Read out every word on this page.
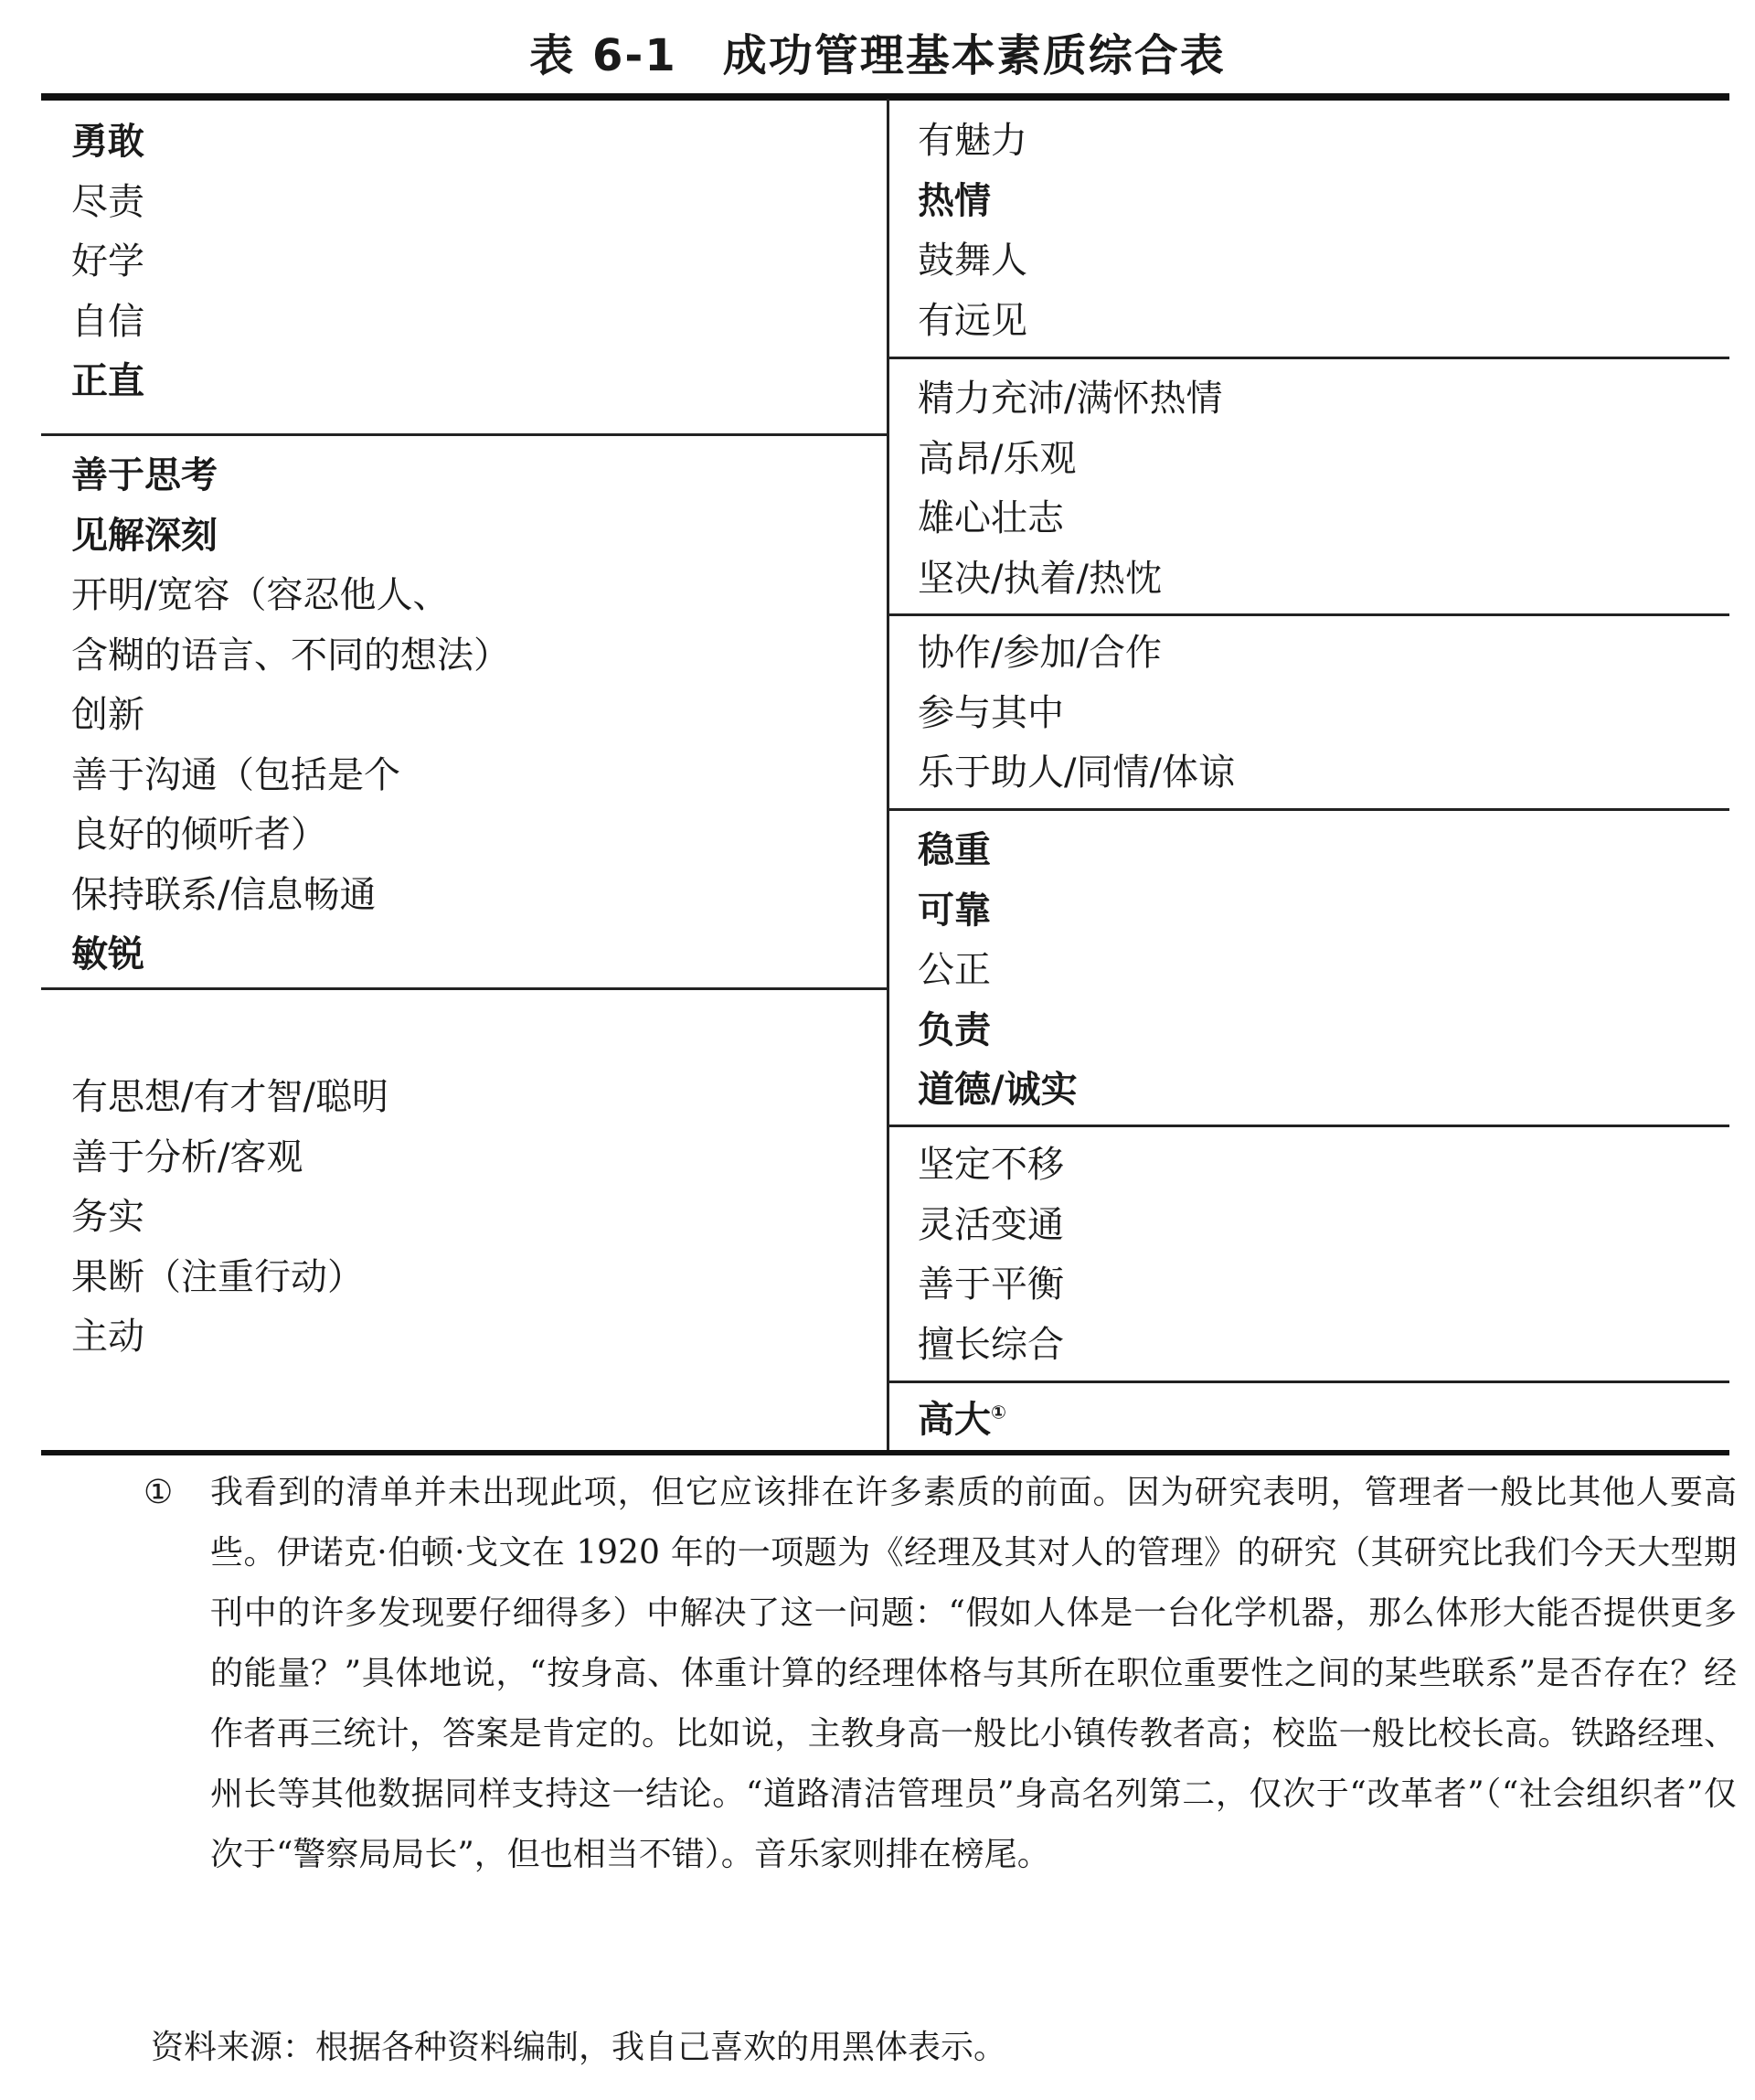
表 6-1　成功管理基本素质综合表
勇敢
尽责
好学
自信
正直
善于思考
见解深刻
开明/宽容（容忍他人、
含糊的语言、不同的想法）
创新
善于沟通（包括是个
良好的倾听者）
保持联系/信息畅通
敏锐
有思想/有才智/聪明
善于分析/客观
务实
果断（注重行动）
主动
有魅力
热情
鼓舞人
有远见
精力充沛/满怀热情
高昂/乐观
雄心壮志
坚决/执着/热忱
协作/参加/合作
参与其中
乐于助人/同情/体谅
稳重
可靠
公正
负责
道德/诚实
坚定不移
灵活变通
善于平衡
擅长综合
高大①
①	我看到的清单并未出现此项，但它应该排在许多素质的前面。因为研究表明，管理者一般比其他人要高些。伊诺克·伯顿·戈文在 1920 年的一项题为《经理及其对人的管理》的研究（其研究比我们今天大型期刊中的许多发现要仔细得多）中解决了这一问题：“假如人体是一台化学机器，那么体形大能否提供更多的能量？”具体地说，“按身高、体重计算的经理体格与其所在职位重要性之间的某些联系”是否存在？经作者再三统计，答案是肯定的。比如说，主教身高一般比小镇传教者高；校监一般比校长高。铁路经理、州长等其他数据同样支持这一结论。“道路清洁管理员”身高名列第二，仅次于“改革者”（“社会组织者”仅次于“警察局局长”，但也相当不错）。音乐家则排在榜尾。
资料来源：根据各种资料编制，我自己喜欢的用黑体表示。
